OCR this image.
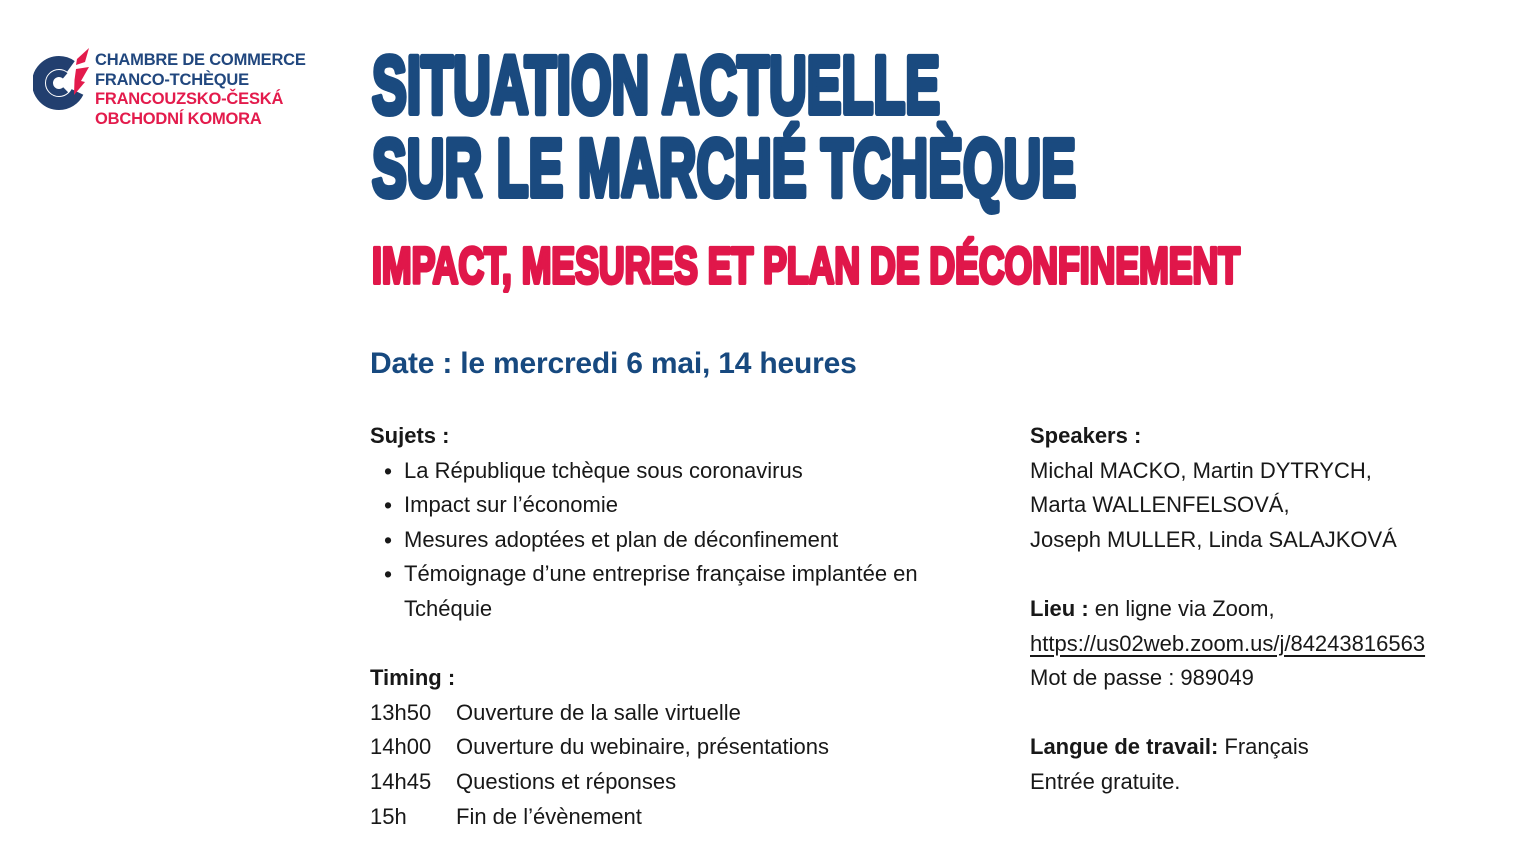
CHAMBRE DE COMMERCE
FRANCO-TCHÈQUE
FRANCOUZSKO-ČESKÁ
OBCHODNÍ KOMORA	SITUATION ACTUELLE
SUR LE MARCHÉ TCHÈQUE
IMPACT, MESURES ET PLAN DE DÉCONFINEMENT
Date : le mercredi 6 mai, 14 heures
Sujets :
• La République tchèque sous coronavirus
• Impact sur l’économie
• Mesures adoptées et plan de déconfinement
• Témoignage d’une entreprise française implantée en Tchéquie
Timing :
13h50	Ouverture de la salle virtuelle
14h00	Ouverture du webinaire, présentations
14h45	Questions et réponses
15h	Fin de l’évènement
Speakers :
Michal MACKO, Martin DYTRYCH,
Marta WALLENFELSOVÁ,
Joseph MULLER, Linda SALAJKOVÁ
Lieu : en ligne via Zoom,
https://us02web.zoom.us/j/84243816563
Mot de passe : 989049
Langue de travail: Français
Entrée gratuite.
